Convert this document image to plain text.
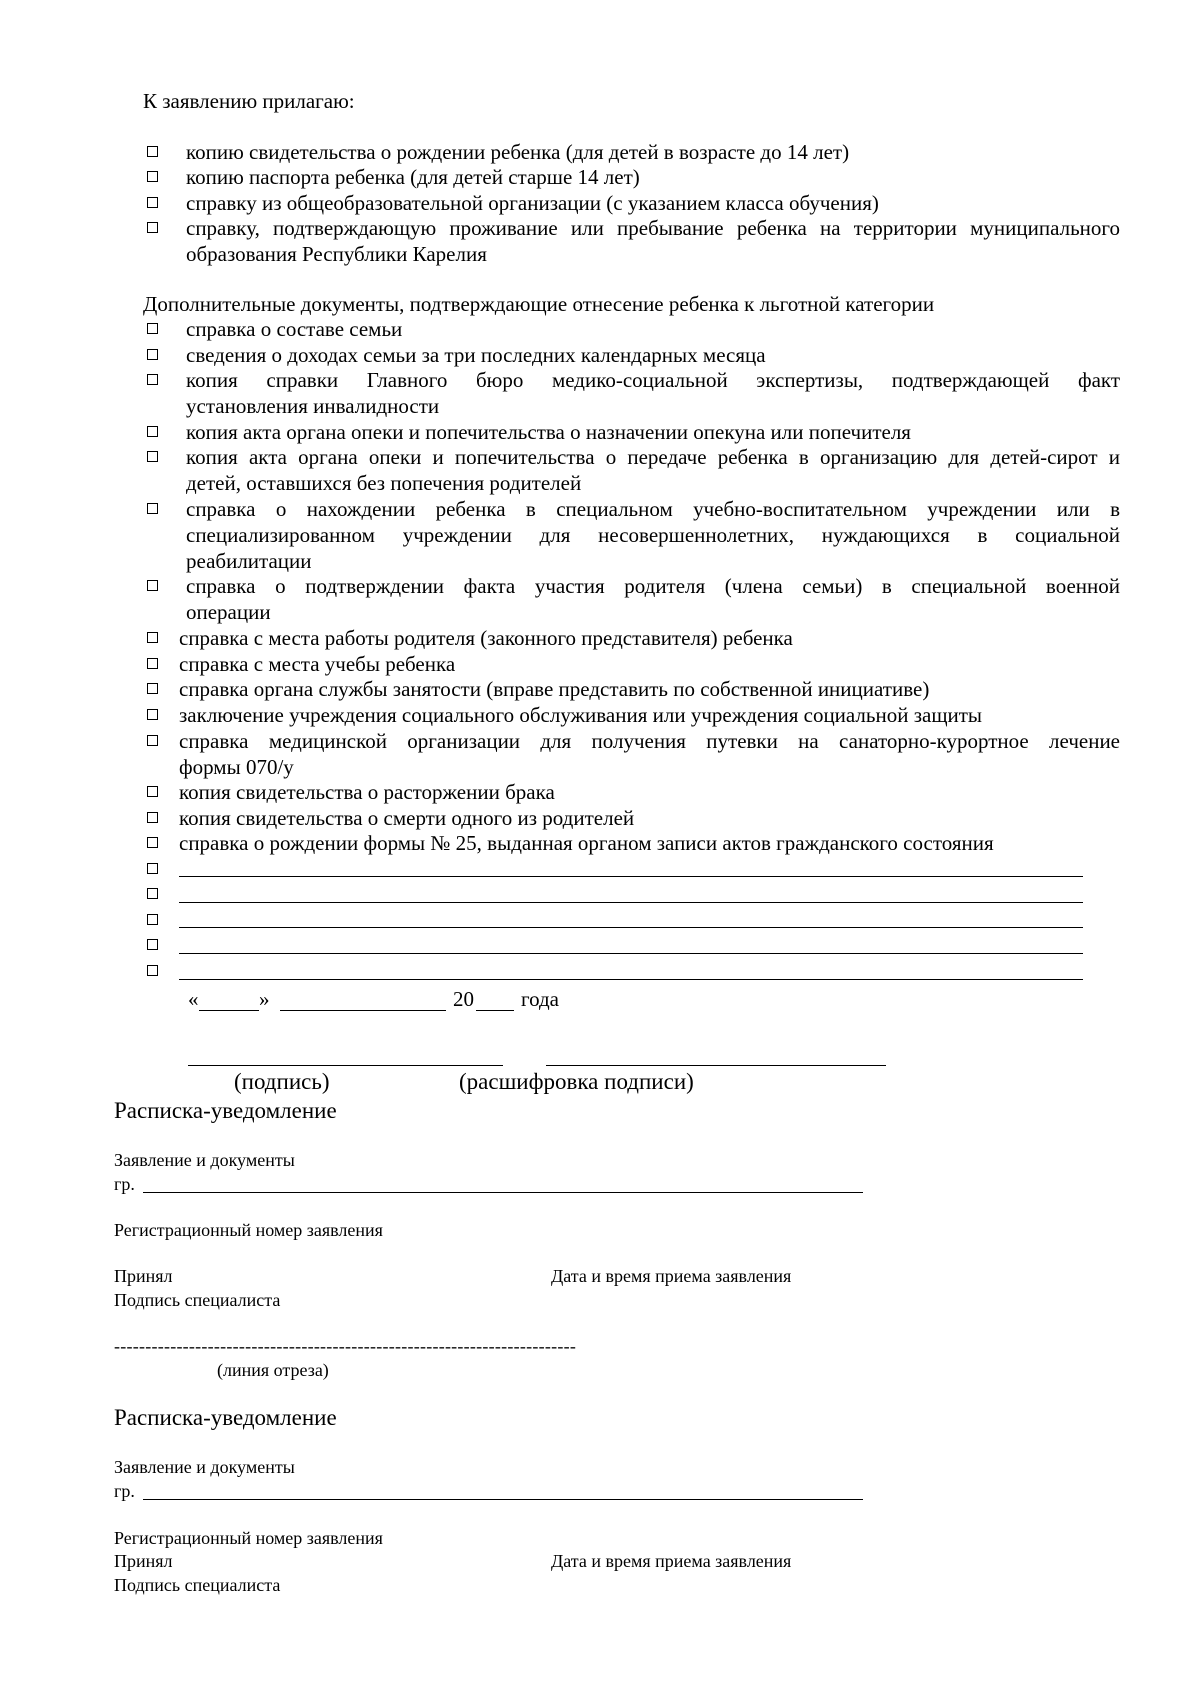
К заявлению прилагаю:
копию свидетельства о рождении ребенка (для детей в возрасте до 14 лет)
копию паспорта ребенка (для детей старше 14 лет)
справку из общеобразовательной организации (с указанием класса обучения)
справку, подтверждающую проживание или пребывание ребенка на территории муниципального
образования Республики Карелия
Дополнительные документы, подтверждающие отнесение ребенка к льготной категории
справка о составе семьи
сведения о доходах семьи за три последних календарных месяца
копия справки Главного бюро медико-социальной экспертизы, подтверждающей факт
установления инвалидности
копия акта органа опеки и попечительства о назначении опекуна или попечителя
копия акта органа опеки и попечительства о передаче ребенка в организацию для детей-сирот и
детей, оставшихся без попечения родителей
справка о нахождении ребенка в специальном учебно-воспитательном учреждении или в
специализированном учреждении для несовершеннолетних, нуждающихся в социальной
реабилитации
справка о подтверждении факта участия родителя (члена семьи) в специальной военной
операции
справка с места работы родителя (законного представителя) ребенка
справка с места учебы ребенка
справка органа службы занятости (вправе представить по собственной инициативе)
заключение учреждения социального обслуживания или учреждения социальной защиты
справка медицинской организации для получения путевки на санаторно-курортное лечение
формы 070/у
копия свидетельства о расторжении брака
копия свидетельства о смерти одного из родителей
справка о рождении формы № 25, выданная органом записи актов гражданского состояния
«	»	20 года
(подпись)	(расшифровка подписи)
Расписка-уведомление
Заявление и документы
гр.
Регистрационный номер заявления
Принял	Дата и время приема заявления
Подпись специалиста
--------------------------------------------------------------------------
(линия отреза)
Расписка-уведомление
Заявление и документы
гр.
Регистрационный номер заявления
Принял	Дата и время приема заявления
Подпись специалиста
